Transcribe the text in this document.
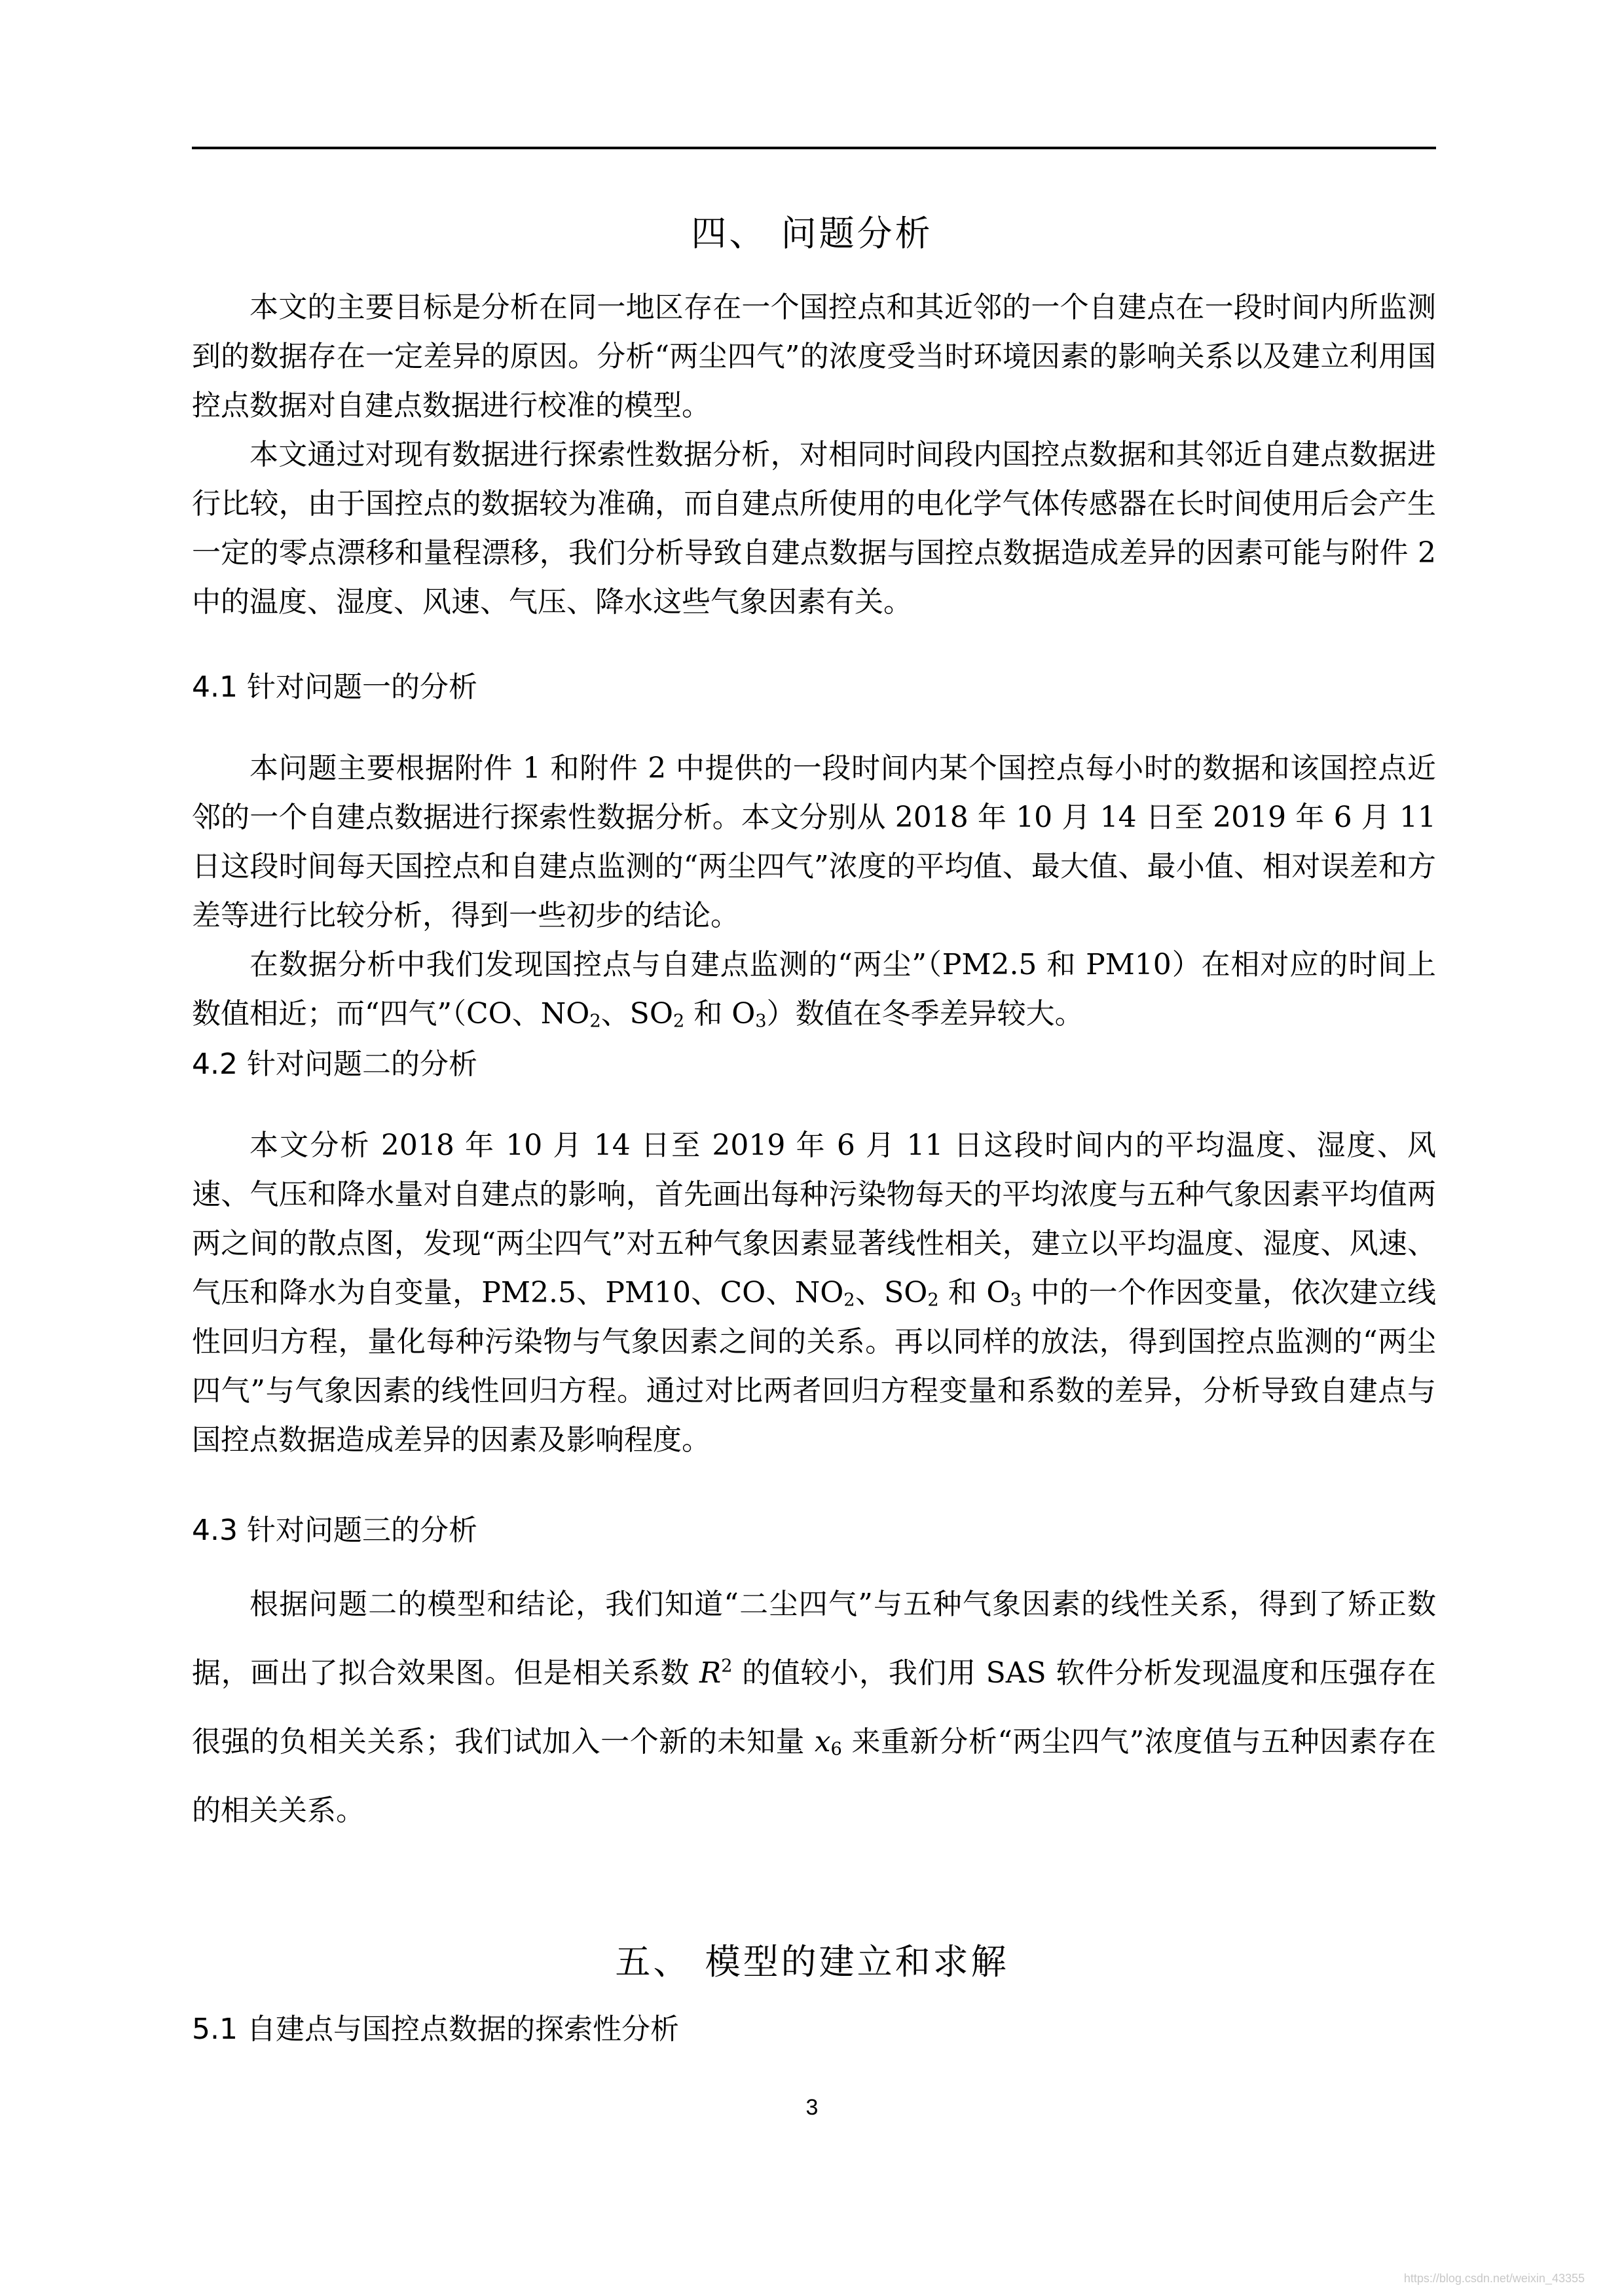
四、 问题分析

本文的主要目标是分析在同一地区存在一个国控点和其近邻的一个自建点在一段时间内所监测到的数据存在一定差异的原因。分析“两尘四气”的浓度受当时环境因素的影响关系以及建立利用国控点数据对自建点数据进行校准的模型。

本文通过对现有数据进行探索性数据分析，对相同时间段内国控点数据和其邻近自建点数据进行比较，由于国控点的数据较为准确，而自建点所使用的电化学气体传感器在长时间使用后会产生一定的零点漂移和量程漂移，我们分析导致自建点数据与国控点数据造成差异的因素可能与附件 2 中的温度、湿度、风速、气压、降水这些气象因素有关。

4.1 针对问题一的分析

本问题主要根据附件 1 和附件 2 中提供的一段时间内某个国控点每小时的数据和该国控点近邻的一个自建点数据进行探索性数据分析。本文分别从 2018 年 10 月 14 日至 2019 年 6 月 11 日这段时间每天国控点和自建点监测的“两尘四气”浓度的平均值、最大值、最小值、相对误差和方差等进行比较分析，得到一些初步的结论。

在数据分析中我们发现国控点与自建点监测的“两尘”（PM2.5 和 PM10）在相对应的时间上数值相近；而“四气”（CO、$NO_2$、$SO_2$ 和 $O_3$）数值在冬季差异较大。

4.2 针对问题二的分析

本文分析 2018 年 10 月 14 日至 2019 年 6 月 11 日这段时间内的平均温度、湿度、风速、气压和降水量对自建点的影响，首先画出每种污染物每天的平均浓度与五种气象因素平均值两两之间的散点图，发现“两尘四气”对五种气象因素显著线性相关，建立以平均温度、湿度、风速、气压和降水为自变量，PM2.5、PM10、CO、$NO_2$、$SO_2$ 和 $O_3$ 中的一个作因变量，依次建立线性回归方程，量化每种污染物与气象因素之间的关系。再以同样的放法，得到国控点监测的“两尘四气”与气象因素的线性回归方程。通过对比两者回归方程变量和系数的差异，分析导致自建点与国控点数据造成差异的因素及影响程度。

4.3 针对问题三的分析

根据问题二的模型和结论，我们知道“二尘四气”与五种气象因素的线性关系，得到了矫正数据，画出了拟合效果图。但是相关系数 $R^2$ 的值较小，我们用 SAS 软件分析发现温度和压强存在很强的负相关关系；我们试加入一个新的未知量 $x_6$ 来重新分析“两尘四气”浓度值与五种因素存在的相关关系。

五、 模型的建立和求解
5.1 自建点与国控点数据的探索性分析
3
https://blog.csdn.net/weixin_43355
